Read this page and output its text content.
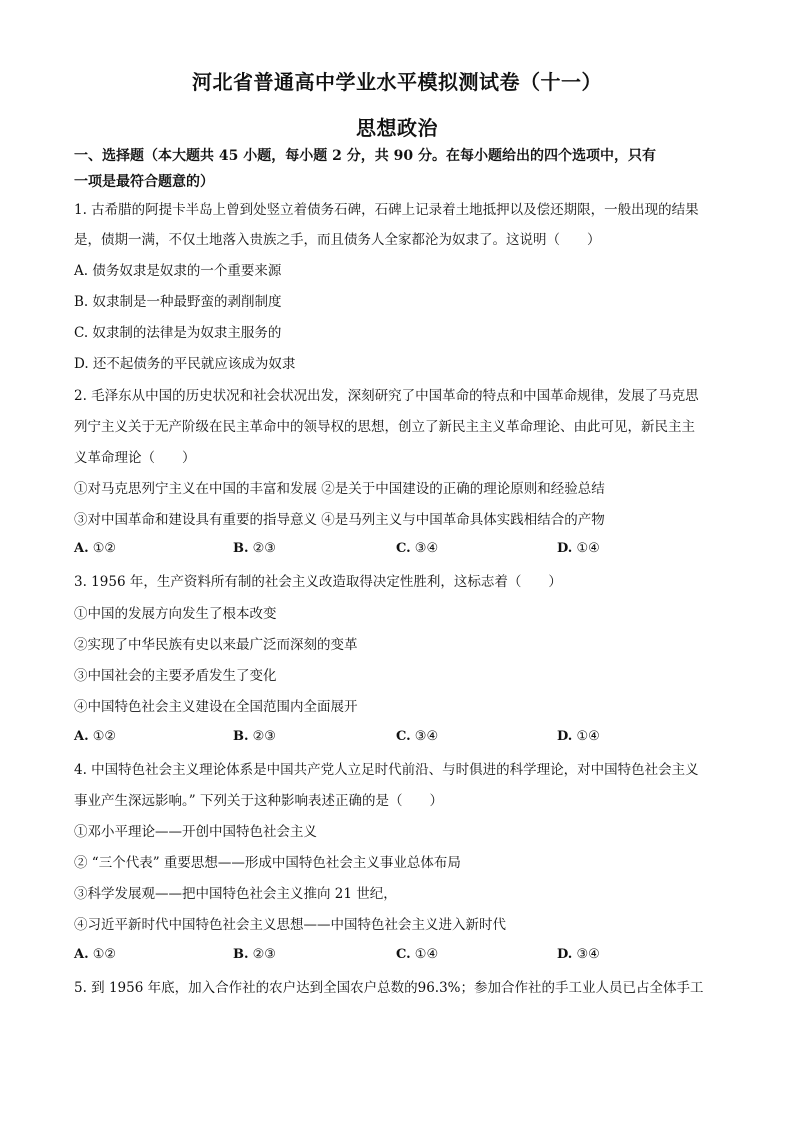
河北省普通高中学业水平模拟测试卷（十一）
思想政治
一、选择题（本大题共 45 小题，每小题 2 分，共 90 分。在每小题给出的四个选项中，只有
一项是最符合题意的）
1. 古希腊的阿提卡半岛上曾到处竖立着债务石碑，石碑上记录着土地抵押以及偿还期限，一般出现的结果
是，债期一满，不仅土地落入贵族之手，而且债务人全家都沦为奴隶了。这说明（　　）
A. 债务奴隶是奴隶的一个重要来源
B. 奴隶制是一种最野蛮的剥削制度
C. 奴隶制的法律是为奴隶主服务的
D. 还不起债务的平民就应该成为奴隶
2. 毛泽东从中国的历史状况和社会状况出发，深刻研究了中国革命的特点和中国革命规律，发展了马克思
列宁主义关于无产阶级在民主革命中的领导权的思想，创立了新民主主义革命理论、由此可见，新民主主
义革命理论（　　）
①对马克思列宁主义在中国的丰富和发展 ②是关于中国建设的正确的理论原则和经验总结
③对中国革命和建设具有重要的指导意义 ④是马列主义与中国革命具体实践相结合的产物
A. ①②	B. ②③	C. ③④	D. ①④
3. 1956 年，生产资料所有制的社会主义改造取得决定性胜利，这标志着（　　）
①中国的发展方向发生了根本改变
②实现了中华民族有史以来最广泛而深刻的变革
③中国社会的主要矛盾发生了变化
④中国特色社会主义建设在全国范围内全面展开
A. ①②	B. ②③	C. ③④	D. ①④
4. 中国特色社会主义理论体系是中国共产党人立足时代前沿、与时俱进的科学理论，对中国特色社会主义
事业产生深远影响。” 下列关于这种影响表述正确的是（　　）
①邓小平理论——开创中国特色社会主义
② “三个代表” 重要思想——形成中国特色社会主义事业总体布局
③科学发展观——把中国特色社会主义推向 21 世纪，
④习近平新时代中国特色社会主义思想——中国特色社会主义进入新时代
A. ①②	B. ②③	C. ①④	D. ③④
5. 到 1956 年底，加入合作社的农户达到全国农户总数的96.3%；参加合作社的手工业人员已占全体手工
